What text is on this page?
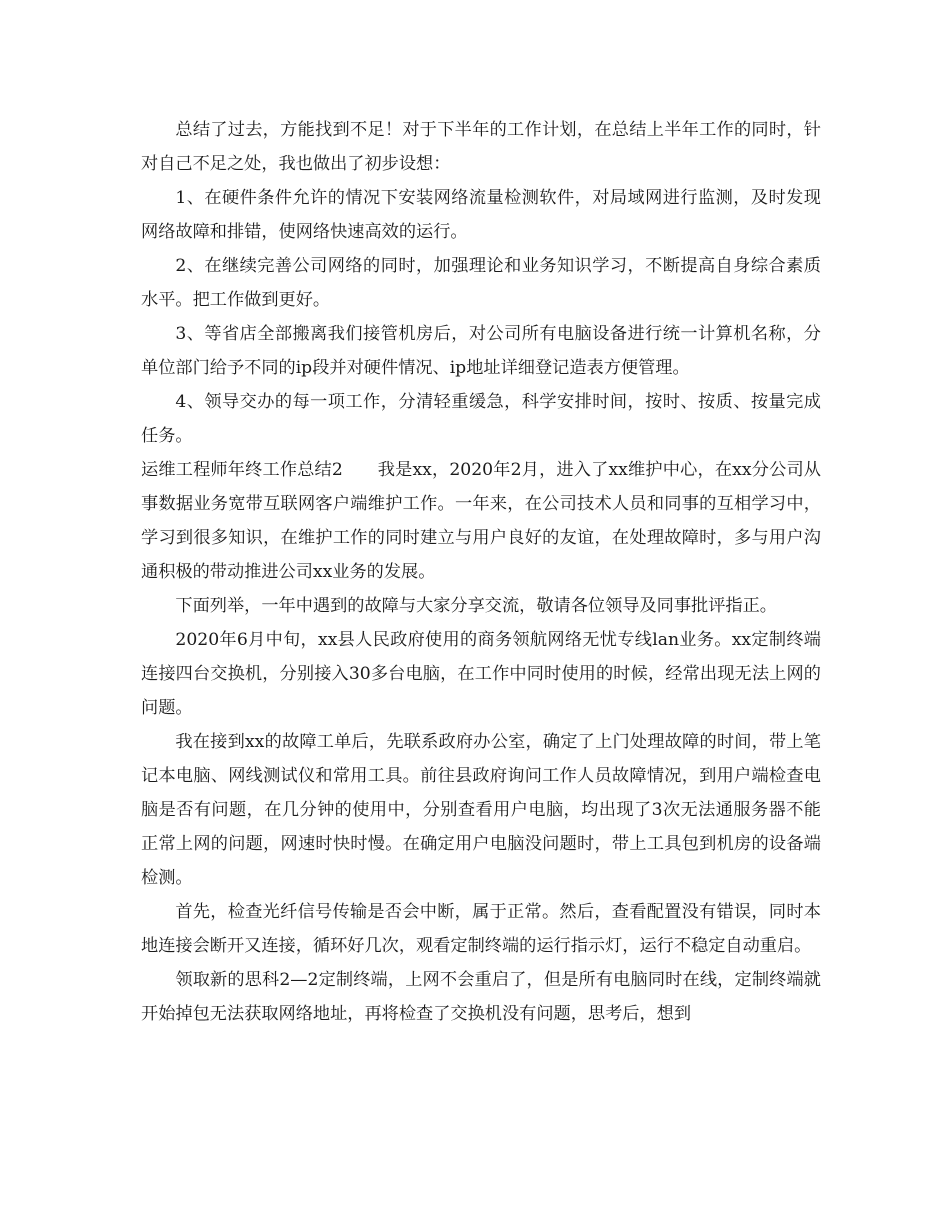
总结了过去，方能找到不足！对于下半年的工作计划，在总结上半年工作的同时，针对自己不足之处，我也做出了初步设想：

1、在硬件条件允许的情况下安装网络流量检测软件，对局域网进行监测，及时发现网络故障和排错，使网络快速高效的运行。

2、在继续完善公司网络的同时，加强理论和业务知识学习，不断提高自身综合素质水平。把工作做到更好。

3、等省店全部搬离我们接管机房后，对公司所有电脑设备进行统一计算机名称，分单位部门给予不同的ip段并对硬件情况、ip地址详细登记造表方便管理。

4、领导交办的每一项工作，分清轻重缓急，科学安排时间，按时、按质、按量完成任务。

运维工程师年终工作总结2　　我是xx，2020年2月，进入了xx维护中心，在xx分公司从事数据业务宽带互联网客户端维护工作。一年来，在公司技术人员和同事的互相学习中，学习到很多知识，在维护工作的同时建立与用户良好的友谊，在处理故障时，多与用户沟通积极的带动推进公司xx业务的发展。

下面列举，一年中遇到的故障与大家分享交流，敬请各位领导及同事批评指正。

2020年6月中旬，xx县人民政府使用的商务领航网络无忧专线lan业务。xx定制终端连接四台交换机，分别接入30多台电脑，在工作中同时使用的时候，经常出现无法上网的问题。

我在接到xx的故障工单后，先联系政府办公室，确定了上门处理故障的时间，带上笔记本电脑、网线测试仪和常用工具。前往县政府询问工作人员故障情况，到用户端检查电脑是否有问题，在几分钟的使用中，分别查看用户电脑，均出现了3次无法通服务器不能正常上网的问题，网速时快时慢。在确定用户电脑没问题时，带上工具包到机房的设备端检测。

首先，检查光纤信号传输是否会中断，属于正常。然后，查看配置没有错误，同时本地连接会断开又连接，循环好几次，观看定制终端的运行指示灯，运行不稳定自动重启。

领取新的思科2—2定制终端，上网不会重启了，但是所有电脑同时在线，定制终端就开始掉包无法获取网络地址，再将检查了交换机没有问题，思考后，想到
